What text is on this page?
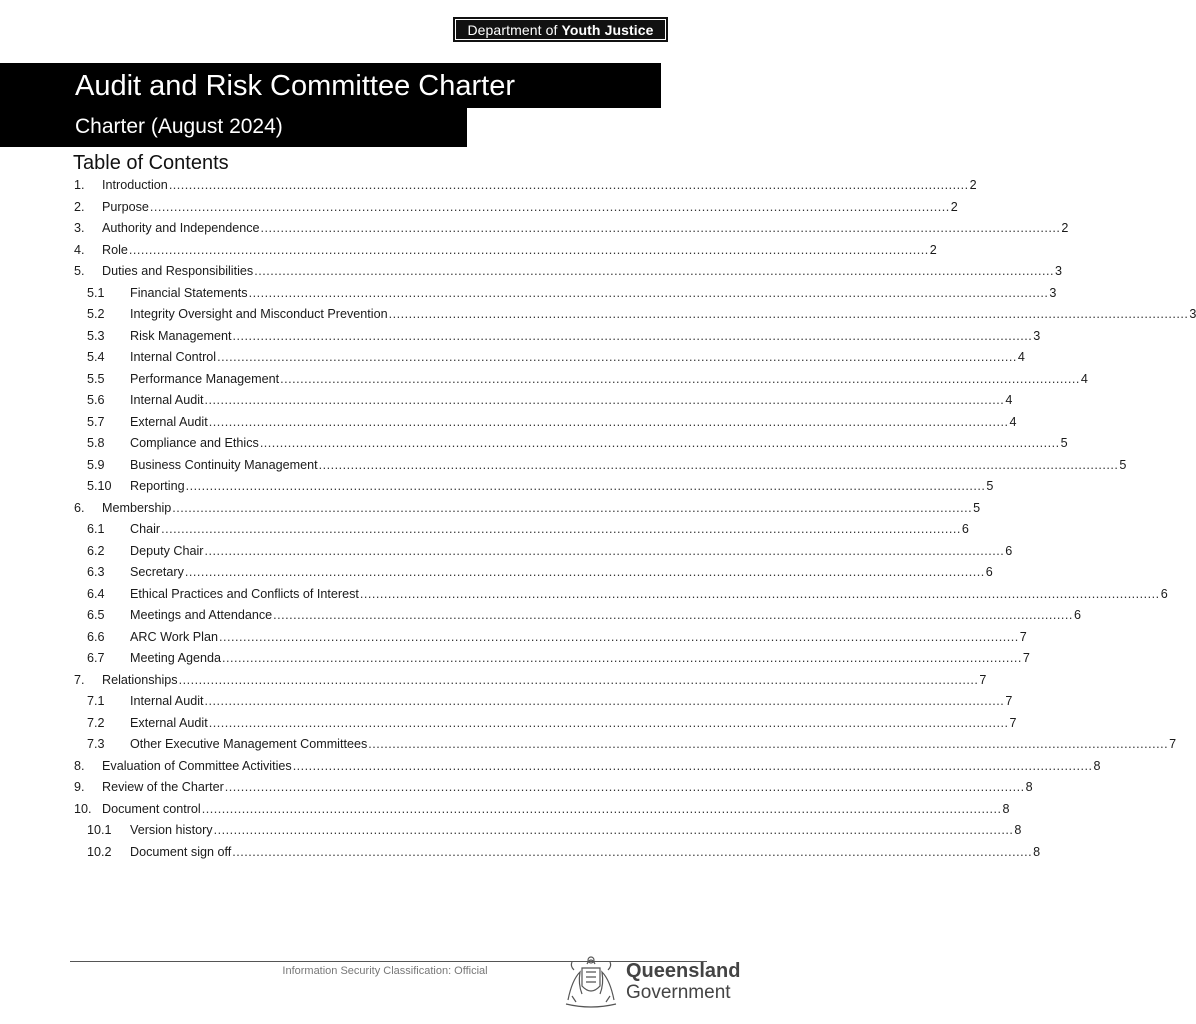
Department of Youth Justice
Audit and Risk Committee Charter
Charter (August 2024)
Table of Contents
1. Introduction ........................................................................................................................................................................................................ 2
2. Purpose ........................................................................................................................................................................................................ 2
3. Authority and Independence ........................................................................................................................................................................................................ 2
4. Role ........................................................................................................................................................................................................ 2
5. Duties and Responsibilities ........................................................................................................................................................................................................ 3
5.1 Financial Statements ........................................................................................................................................................................................................ 3
5.2 Integrity Oversight and Misconduct Prevention ........................................................................................................................................................................................................ 3
5.3 Risk Management ........................................................................................................................................................................................................ 3
5.4 Internal Control ........................................................................................................................................................................................................ 4
5.5 Performance Management ........................................................................................................................................................................................................ 4
5.6 Internal Audit ........................................................................................................................................................................................................ 4
5.7 External Audit ........................................................................................................................................................................................................ 4
5.8 Compliance and Ethics ........................................................................................................................................................................................................ 5
5.9 Business Continuity Management ........................................................................................................................................................................................................ 5
5.10 Reporting ........................................................................................................................................................................................................ 5
6. Membership ........................................................................................................................................................................................................ 5
6.1 Chair ........................................................................................................................................................................................................ 6
6.2 Deputy Chair ........................................................................................................................................................................................................ 6
6.3 Secretary ........................................................................................................................................................................................................ 6
6.4 Ethical Practices and Conflicts of Interest ........................................................................................................................................................................................................ 6
6.5 Meetings and Attendance ........................................................................................................................................................................................................ 6
6.6 ARC Work Plan ........................................................................................................................................................................................................ 7
6.7 Meeting Agenda ........................................................................................................................................................................................................ 7
7. Relationships ........................................................................................................................................................................................................ 7
7.1 Internal Audit ........................................................................................................................................................................................................ 7
7.2 External Audit ........................................................................................................................................................................................................ 7
7.3 Other Executive Management Committees ........................................................................................................................................................................................................ 7
8. Evaluation of Committee Activities ........................................................................................................................................................................................................ 8
9. Review of the Charter ........................................................................................................................................................................................................ 8
10. Document control ........................................................................................................................................................................................................ 8
10.1 Version history ........................................................................................................................................................................................................ 8
10.2 Document sign off ........................................................................................................................................................................................................ 8
Information Security Classification: Official	Queensland
Government
